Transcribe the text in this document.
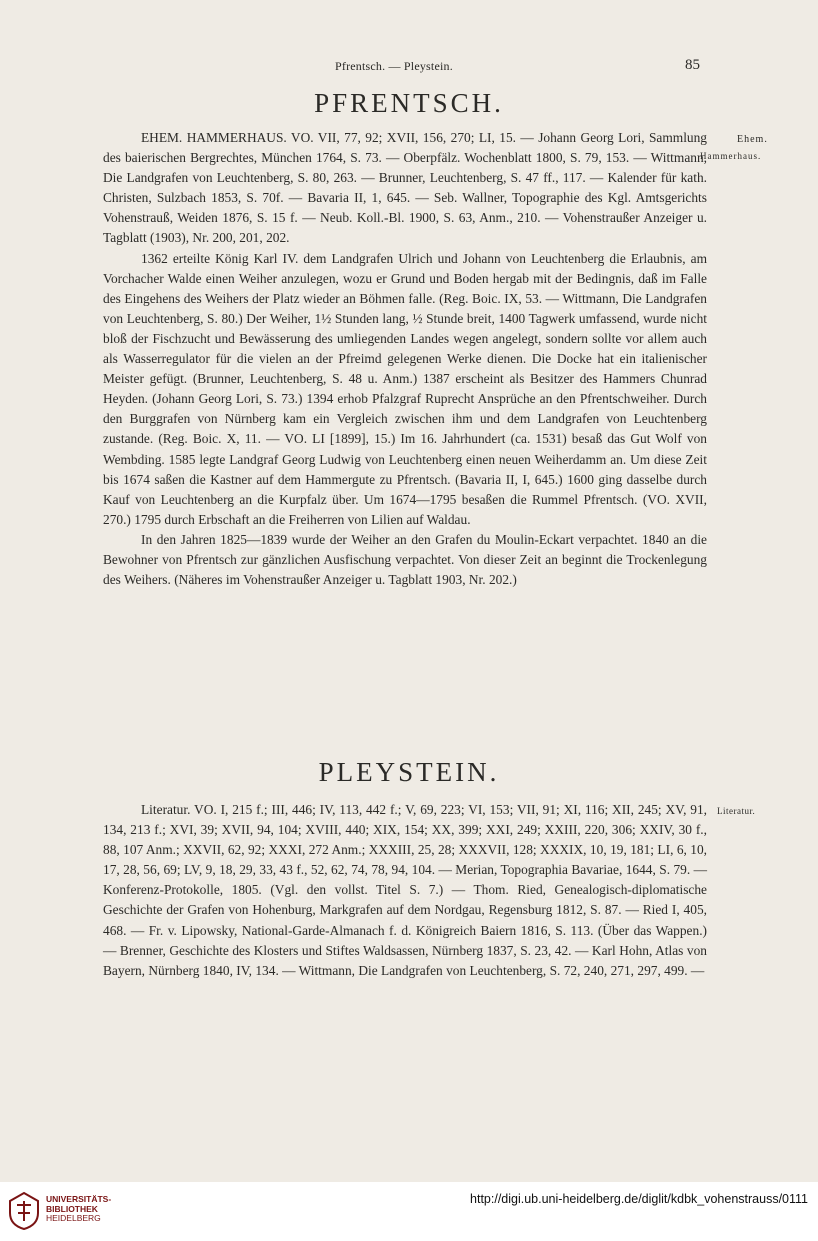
Pfrentsch. — Pleystein.	85
PFRENTSCH.
Ehem.
Hammerhaus.

EHEM. HAMMERHAUS. VO. VII, 77, 92; XVII, 156, 270; LI, 15. — Johann Georg Lori, Sammlung des baierischen Bergrechtes, München 1764, S. 73. — Oberpfälz. Wochenblatt 1800, S. 79, 153. — Wittmann, Die Landgrafen von Leuchtenberg, S. 80, 263. — Brunner, Leuchtenberg, S. 47 ff., 117. — Kalender für kath. Christen, Sulzbach 1853, S. 70f. — Bavaria II, 1, 645. — Seb. Wallner, Topographie des Kgl. Amtsgerichts Vohenstrauß, Weiden 1876, S. 15 f. — Neub. Koll.-Bl. 1900, S. 63, Anm., 210. — Vohenstraußer Anzeiger u. Tagblatt (1903), Nr. 200, 201, 202.

1362 erteilte König Karl IV. dem Landgrafen Ulrich und Johann von Leuchtenberg die Erlaubnis, am Vorchacher Walde einen Weiher anzulegen, wozu er Grund und Boden hergab mit der Bedingnis, daß im Falle des Eingehens des Weihers der Platz wieder an Böhmen falle. (Reg. Boic. IX, 53. — Wittmann, Die Landgrafen von Leuchtenberg, S. 80.) Der Weiher, 1½ Stunden lang, ½ Stunde breit, 1400 Tagwerk umfassend, wurde nicht bloß der Fischzucht und Bewässerung des umliegenden Landes wegen angelegt, sondern sollte vor allem auch als Wasserregulator für die vielen an der Pfreimd gelegenen Werke dienen. Die Docke hat ein italienischer Meister gefügt. (Brunner, Leuchtenberg, S. 48 u. Anm.) 1387 erscheint als Besitzer des Hammers Chunrad Heyden. (Johann Georg Lori, S. 73.) 1394 erhob Pfalzgraf Ruprecht Ansprüche an den Pfrentschweiher. Durch den Burggrafen von Nürnberg kam ein Vergleich zwischen ihm und dem Landgrafen von Leuchtenberg zustande. (Reg. Boic. X, 11. — VO. LI [1899], 15.) Im 16. Jahrhundert (ca. 1531) besaß das Gut Wolf von Wembding. 1585 legte Landgraf Georg Ludwig von Leuchtenberg einen neuen Weiherdamm an. Um diese Zeit bis 1674 saßen die Kastner auf dem Hammergute zu Pfrentsch. (Bavaria II, I, 645.) 1600 ging dasselbe durch Kauf von Leuchtenberg an die Kurpfalz über. Um 1674—1795 besaßen die Rummel Pfrentsch. (VO. XVII, 270.) 1795 durch Erbschaft an die Freiherren von Lilien auf Waldau.

In den Jahren 1825—1839 wurde der Weiher an den Grafen du Moulin-Eckart verpachtet. 1840 an die Bewohner von Pfrentsch zur gänzlichen Ausfischung verpachtet. Von dieser Zeit an beginnt die Trockenlegung des Weihers. (Näheres im Vohenstraußer Anzeiger u. Tagblatt 1903, Nr. 202.)

PLEYSTEIN.
Literatur.

Literatur. VO. I, 215 f.; III, 446; IV, 113, 442 f.; V, 69, 223; VI, 153; VII, 91; XI, 116; XII, 245; XV, 91, 134, 213 f.; XVI, 39; XVII, 94, 104; XVIII, 440; XIX, 154; XX, 399; XXI, 249; XXIII, 220, 306; XXIV, 30 f., 88, 107 Anm.; XXVII, 62, 92; XXXI, 272 Anm.; XXXIII, 25, 28; XXXVII, 128; XXXIX, 10, 19, 181; LI, 6, 10, 17, 28, 56, 69; LV, 9, 18, 29, 33, 43 f., 52, 62, 74, 78, 94, 104. — Merian, Topographia Bavariae, 1644, S. 79. — Konferenz-Protokolle, 1805. (Vgl. den vollst. Titel S. 7.) — Thom. Ried, Genealogisch-diplomatische Geschichte der Grafen von Hohenburg, Markgrafen auf dem Nordgau, Regensburg 1812, S. 87. — Ried I, 405, 468. — Fr. v. Lipowsky, National-Garde-Almanach f. d. Königreich Baiern 1816, S. 113. (Über das Wappen.) — Brenner, Geschichte des Klosters und Stiftes Waldsassen, Nürnberg 1837, S. 23, 42. — Karl Hohn, Atlas von Bayern, Nürnberg 1840, IV, 134. — Wittmann, Die Landgrafen von Leuchtenberg, S. 72, 240, 271, 297, 499. —

UNIVERSITÄTS-
BIBLIOTHEK
HEIDELBERG
http://digi.ub.uni-heidelberg.de/diglit/kdbk_vohenstrauss/0111
